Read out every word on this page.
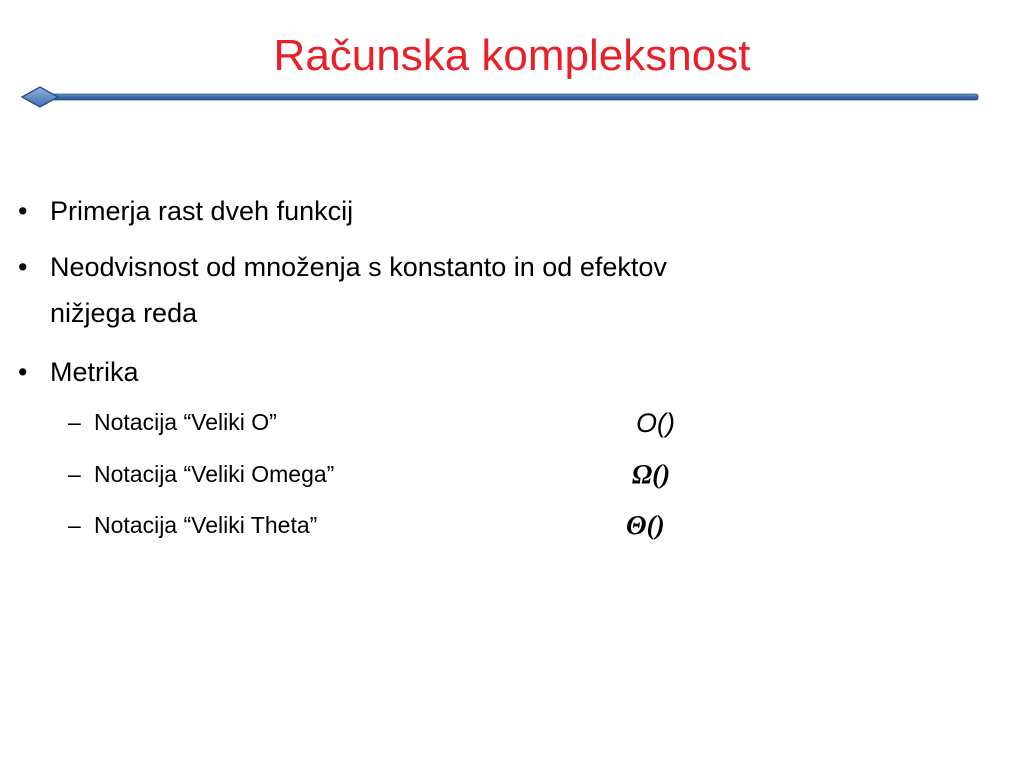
Računska kompleksnost
• Primerja rast dveh funkcij
• Neodvisnost od množenja s konstanto in od efektov
nižjega reda
• Metrika
– Notacija “Veliki O”	O()
– Notacija “Veliki Omega”	Ω()
– Notacija “Veliki Theta”	Θ()
